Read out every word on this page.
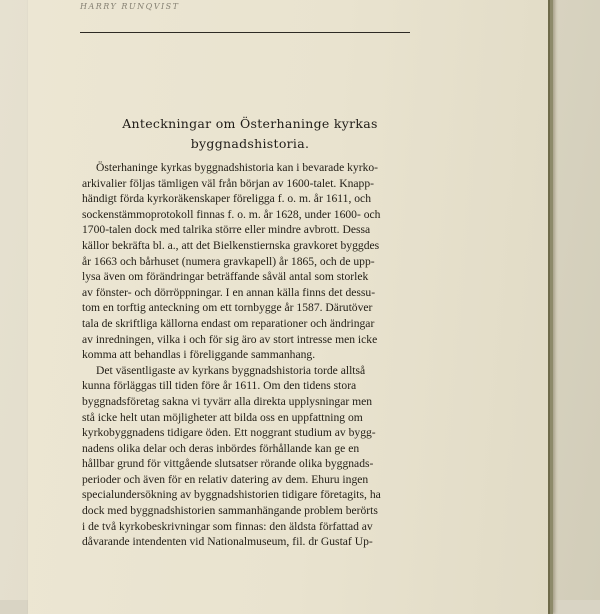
HARRY RUNQVIST
Anteckningar om Österhaninge kyrkas
byggnadshistoria.
Österhaninge kyrkas byggnadshistoria kan i bevarade kyrko-
arkivalier följas tämligen väl från början av 1600-talet. Knapp-
händigt förda kyrkoräkenskaper föreligga f. o. m. år 1611, och
sockenstämmoprotokoll finnas f. o. m. år 1628, under 1600- och
1700-talen dock med talrika större eller mindre avbrott. Dessa
källor bekräfta bl. a., att det Bielkenstiernska gravkoret byggdes
år 1663 och bårhuset (numera gravkapell) år 1865, och de upp-
lysa även om förändringar beträffande såväl antal som storlek
av fönster- och dörröppningar. I en annan källa finns det dessu-
tom en torftig anteckning om ett tornbygge år 1587. Därutöver
tala de skriftliga källorna endast om reparationer och ändringar
av inredningen, vilka i och för sig äro av stort intresse men icke
komma att behandlas i föreliggande sammanhang.
Det väsentligaste av kyrkans byggnadshistoria torde alltså
kunna förläggas till tiden före år 1611. Om den tidens stora
byggnadsföretag sakna vi tyvärr alla direkta upplysningar men
stå icke helt utan möjligheter att bilda oss en uppfattning om
kyrkobyggnadens tidigare öden. Ett noggrant studium av bygg-
nadens olika delar och deras inbördes förhållande kan ge en
hållbar grund för vittgående slutsatser rörande olika byggnads-
perioder och även för en relativ datering av dem. Ehuru ingen
specialundersökning av byggnadshistorien tidigare företagits, ha
dock med byggnadshistorien sammanhängande problem berörts
i de två kyrkobeskrivningar som finnas: den äldsta författad av
dåvarande intendenten vid Nationalmuseum, fil. dr Gustaf Up-
